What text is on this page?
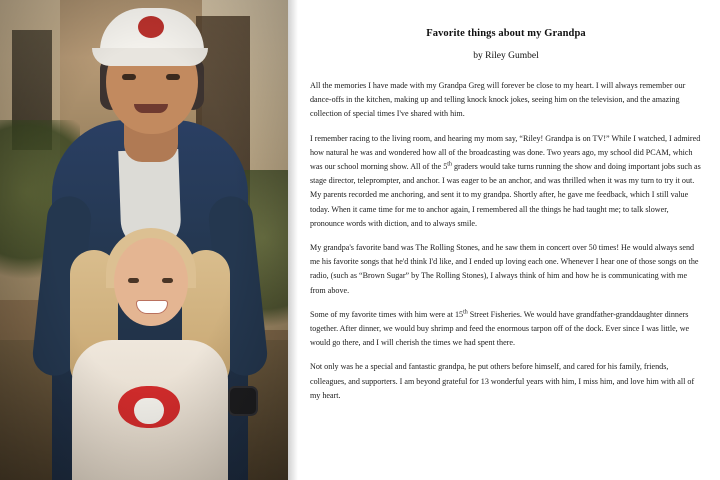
Favorite things about my Grandpa
by Riley Gumbel

All the memories I have made with my Grandpa Greg will forever be close to my heart. I will always remember our dance-offs in the kitchen, making up and telling knock knock jokes, seeing him on the television, and the amazing collection of special times I've shared with him.

I remember racing to the living room, and hearing my mom say, “Riley! Grandpa is on TV!” While I watched, I admired how natural he was and wondered how all of the broadcasting was done. Two years ago, my school did PCAM, which was our school morning show. All of the 5th graders would take turns running the show and doing important jobs such as stage director, teleprompter, and anchor. I was eager to be an anchor, and was thrilled when it was my turn to try it out. My parents recorded me anchoring, and sent it to my grandpa. Shortly after, he gave me feedback, which I still value today. When it came time for me to anchor again, I remembered all the things he had taught me; to talk slower, pronounce words with diction, and to always smile.

My grandpa's favorite band was The Rolling Stones, and he saw them in concert over 50 times! He would always send me his favorite songs that he'd think I'd like, and I ended up loving each one. Whenever I hear one of those songs on the radio, (such as “Brown Sugar” by The Rolling Stones), I always think of him and how he is communicating with me from above.

Some of my favorite times with him were at 15th Street Fisheries. We would have grandfather-granddaughter dinners together. After dinner, we would buy shrimp and feed the enormous tarpon off of the dock. Ever since I was little, we would go there, and I will cherish the times we had spent there.

Not only was he a special and fantastic grandpa, he put others before himself, and cared for his family, friends, colleagues, and supporters. I am beyond grateful for 13 wonderful years with him, I miss him, and love him with all of my heart.
